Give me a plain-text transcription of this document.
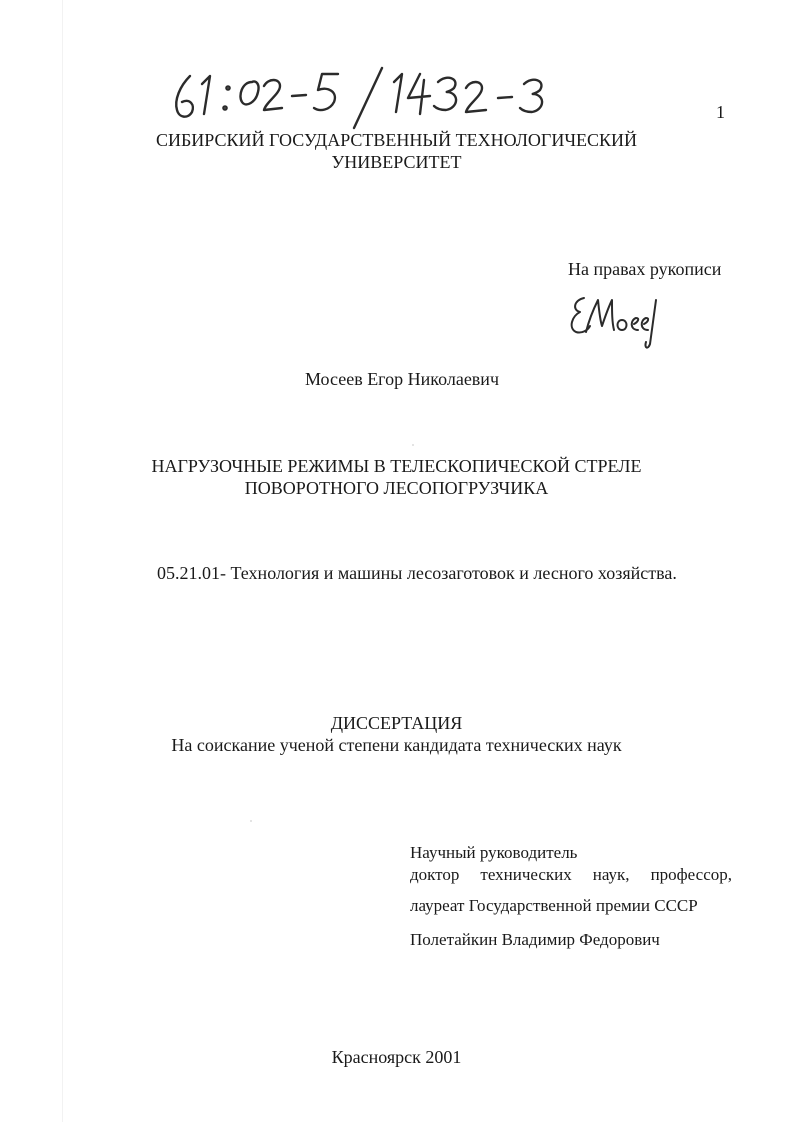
1
СИБИРСКИЙ ГОСУДАРСТВЕННЫЙ ТЕХНОЛОГИЧЕСКИЙ
УНИВЕРСИТЕТ
На правах рукописи
Мосеев Егор Николаевич
НАГРУЗОЧНЫЕ РЕЖИМЫ В ТЕЛЕСКОПИЧЕСКОЙ СТРЕЛЕ
ПОВОРОТНОГО ЛЕСОПОГРУЗЧИКА
05.21.01- Технология и машины лесозаготовок и лесного хозяйства.
ДИССЕРТАЦИЯ
На соискание ученой степени кандидата технических наук
Научный руководитель
доктор технических наук, профессор,
лауреат Государственной премии СССР
Полетайкин Владимир Федорович
Красноярск 2001
